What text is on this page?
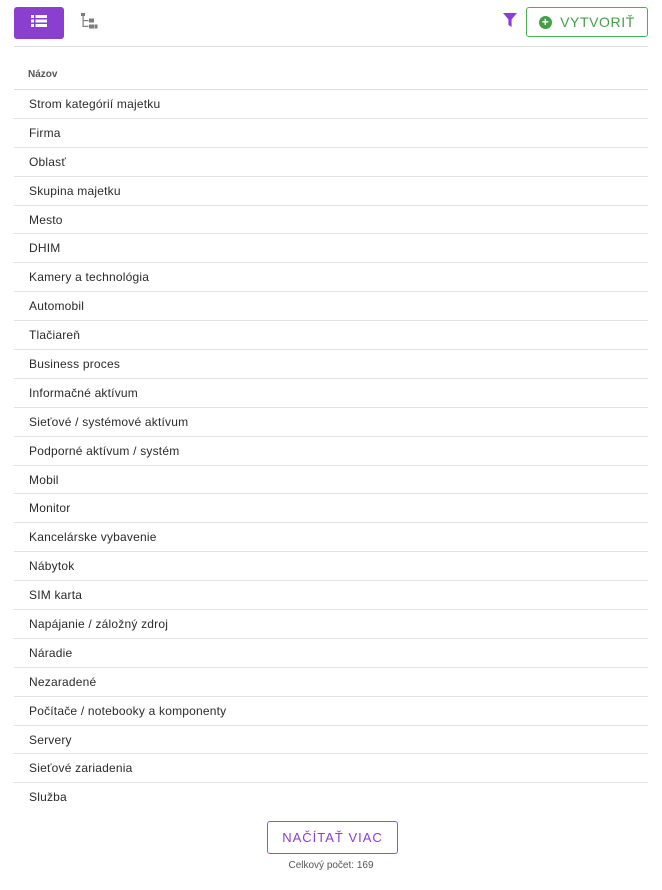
+ VYTVORIŤ
Názov
Strom kategórií majetku
Firma
Oblasť
Skupina majetku
Mesto
DHIM
Kamery a technológia
Automobil
Tlačiareň
Business proces
Informačné aktívum
Sieťové / systémové aktívum
Podporné aktívum / systém
Mobil
Monitor
Kancelárske vybavenie
Nábytok
SIM karta
Napájanie / záložný zdroj
Náradie
Nezaradené
Počítače / notebooky a komponenty
Servery
Sieťové zariadenia
Služba
NAČÍTAŤ VIAC
Celkový počet: 169
